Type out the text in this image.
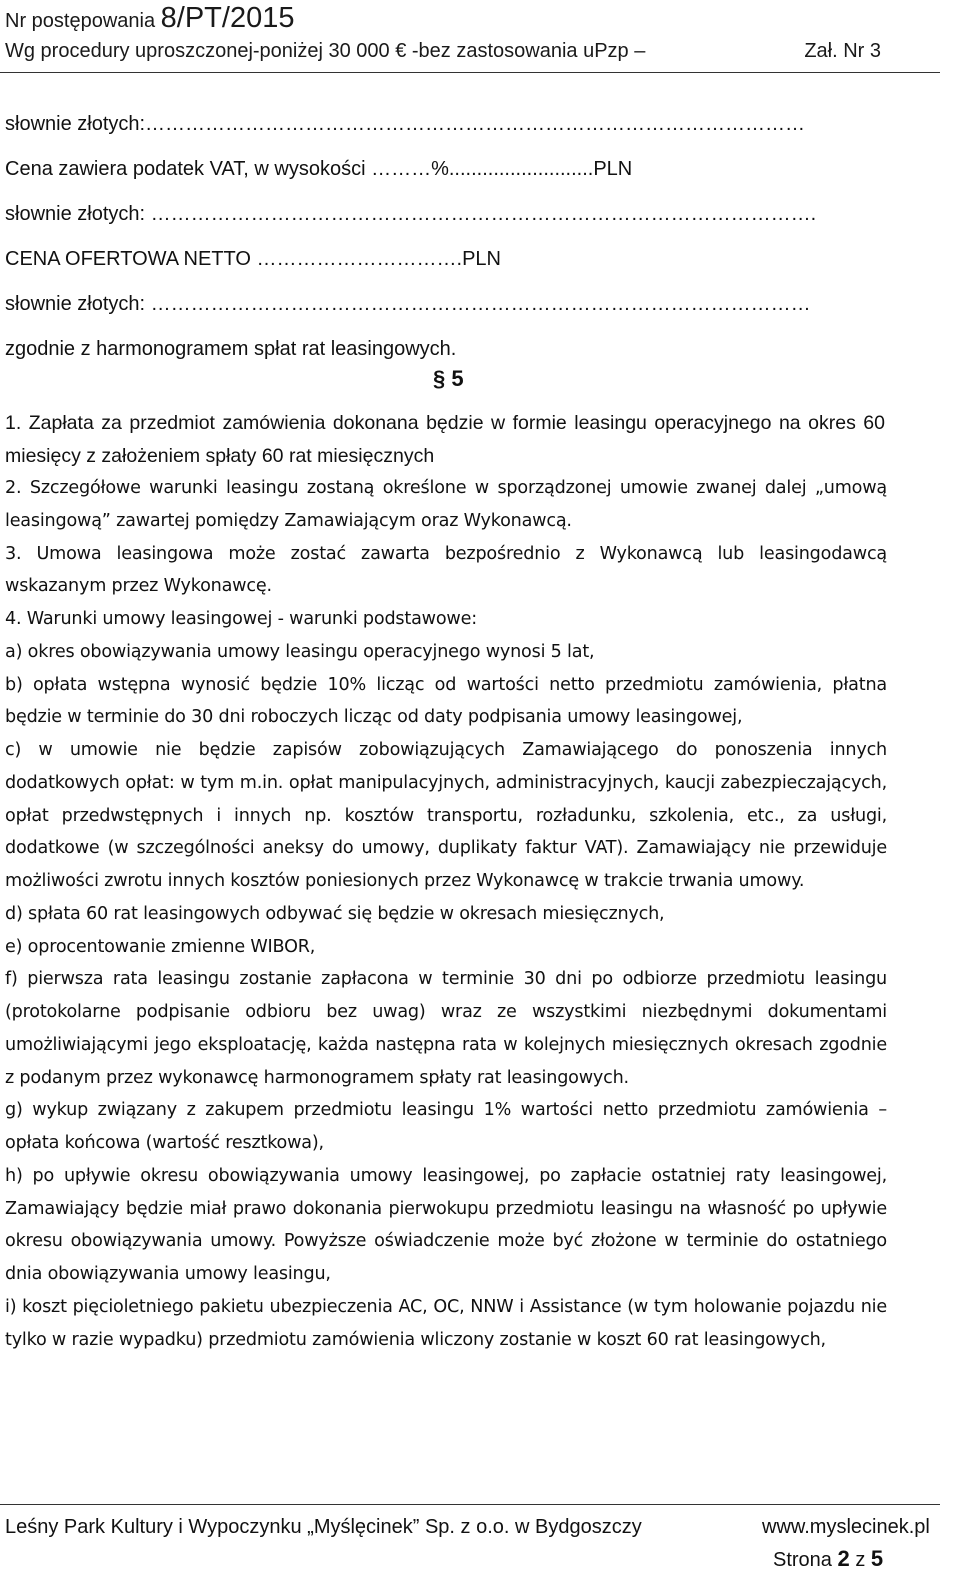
Nr postępowania 8/PT/2015
Wg procedury uproszczonej-poniżej 30 000 € -bez zastosowania uPzp –	Zał. Nr 3
słownie złotych:………………………………………………………………………………………
Cena zawiera podatek VAT, w wysokości ………%..........................PLN
słownie złotych: ……………………………………………………………………………………….
CENA OFERTOWA NETTO ………………………….PLN
słownie złotych: ………………………………………………………………………………………
zgodnie z harmonogramem spłat rat leasingowych.
§ 5
1. Zapłata za przedmiot zamówienia dokonana będzie w formie leasingu operacyjnego na okres 60 miesięcy z założeniem spłaty 60 rat miesięcznych

2. Szczegółowe warunki leasingu zostaną określone w sporządzonej umowie zwanej dalej „umową leasingową” zawartej pomiędzy Zamawiającym oraz Wykonawcą.

3. Umowa leasingowa może zostać zawarta bezpośrednio z Wykonawcą lub leasingodawcą wskazanym przez Wykonawcę.

4. Warunki umowy leasingowej - warunki podstawowe:

a) okres obowiązywania umowy leasingu operacyjnego wynosi 5 lat,

b) opłata wstępna wynosić będzie 10% licząc od wartości netto przedmiotu zamówienia, płatna będzie w terminie do 30 dni roboczych licząc od daty podpisania umowy leasingowej,

c) w umowie nie będzie zapisów zobowiązujących Zamawiającego do ponoszenia innych dodatkowych opłat: w tym m.in. opłat manipulacyjnych, administracyjnych, kaucji zabezpieczających, opłat przedwstępnych i innych np. kosztów transportu, rozładunku, szkolenia, etc., za usługi, dodatkowe (w szczególności aneksy do umowy, duplikaty faktur VAT). Zamawiający nie przewiduje możliwości zwrotu innych kosztów poniesionych przez Wykonawcę w trakcie trwania umowy.

d) spłata 60 rat leasingowych odbywać się będzie w okresach miesięcznych,

e) oprocentowanie zmienne WIBOR,

f) pierwsza rata leasingu zostanie zapłacona w terminie 30 dni po odbiorze przedmiotu leasingu (protokolarne podpisanie odbioru bez uwag) wraz ze wszystkimi niezbędnymi dokumentami umożliwiającymi jego eksploatację, każda następna rata w kolejnych miesięcznych okresach zgodnie z podanym przez wykonawcę harmonogramem spłaty rat leasingowych.

g) wykup związany z zakupem przedmiotu leasingu 1% wartości netto przedmiotu zamówienia – opłata końcowa (wartość resztkowa),

h) po upływie okresu obowiązywania umowy leasingowej, po zapłacie ostatniej raty leasingowej, Zamawiający będzie miał prawo dokonania pierwokupu przedmiotu leasingu na własność po upływie okresu obowiązywania umowy. Powyższe oświadczenie może być złożone w terminie do ostatniego dnia obowiązywania umowy leasingu,

i) koszt pięcioletniego pakietu ubezpieczenia AC, OC, NNW i Assistance (w tym holowanie pojazdu nie tylko w razie wypadku) przedmiotu zamówienia wliczony zostanie w koszt 60 rat leasingowych,

Leśny Park Kultury i Wypoczynku „Myślęcinek” Sp. z o.o. w Bydgoszczy	www.myslecinek.pl
Strona 2 z 5
